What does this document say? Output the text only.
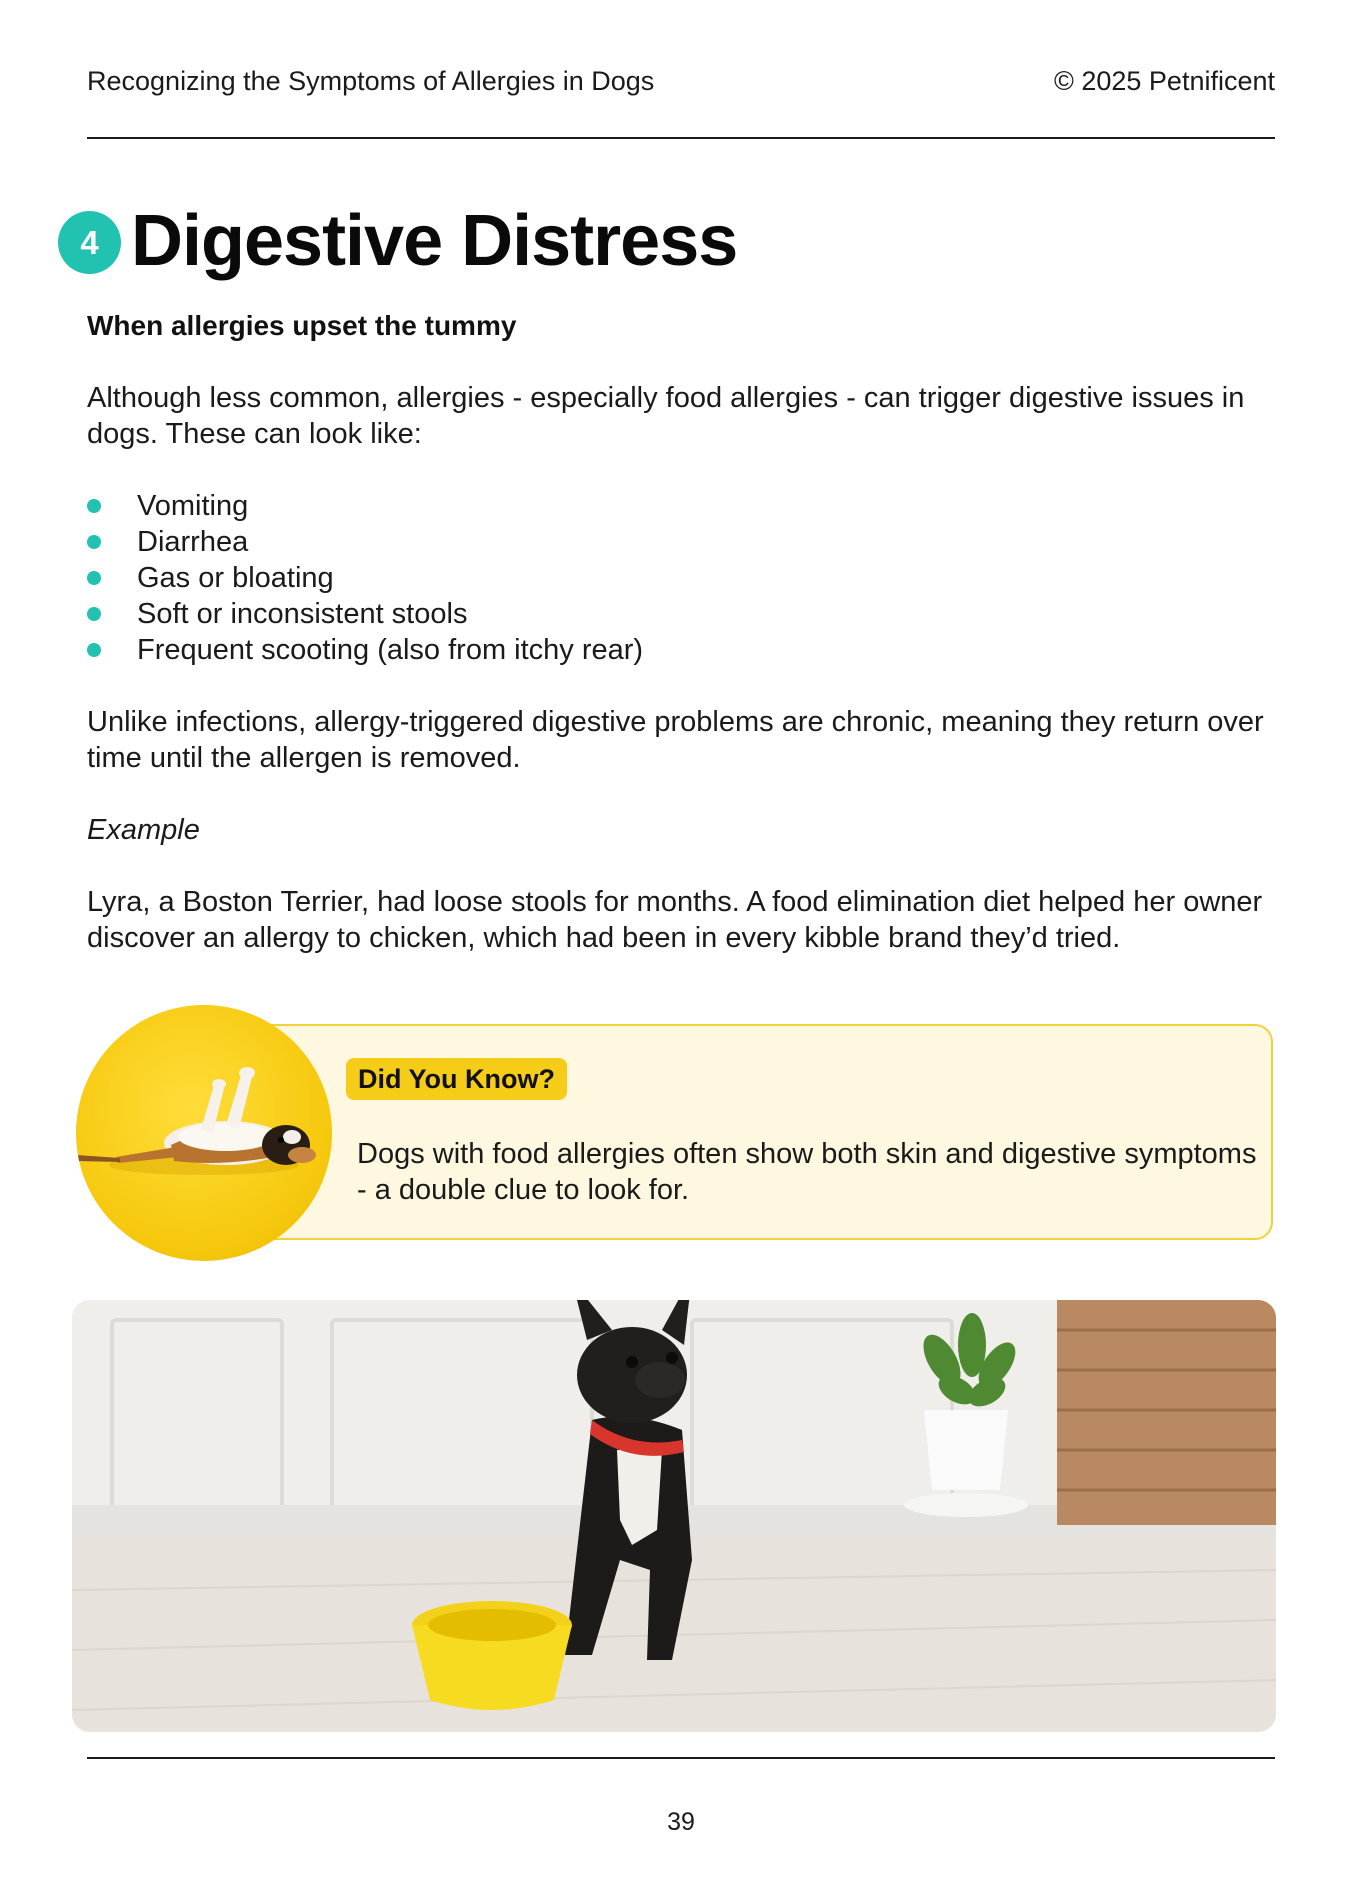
Recognizing the Symptoms of Allergies in Dogs	© 2025 Petnificent
4 Digestive Distress
When allergies upset the tummy

Although less common, allergies - especially food allergies - can trigger digestive issues in dogs. These can look like:

Vomiting
Diarrhea
Gas or bloating
Soft or inconsistent stools
Frequent scooting (also from itchy rear)

Unlike infections, allergy-triggered digestive problems are chronic, meaning they return over time until the allergen is removed.

Example

Lyra, a Boston Terrier, had loose stools for months. A food elimination diet helped her owner discover an allergy to chicken, which had been in every kibble brand they’d tried.

Did You Know?

Dogs with food allergies often show both skin and digestive symptoms - a double clue to look for.

39
